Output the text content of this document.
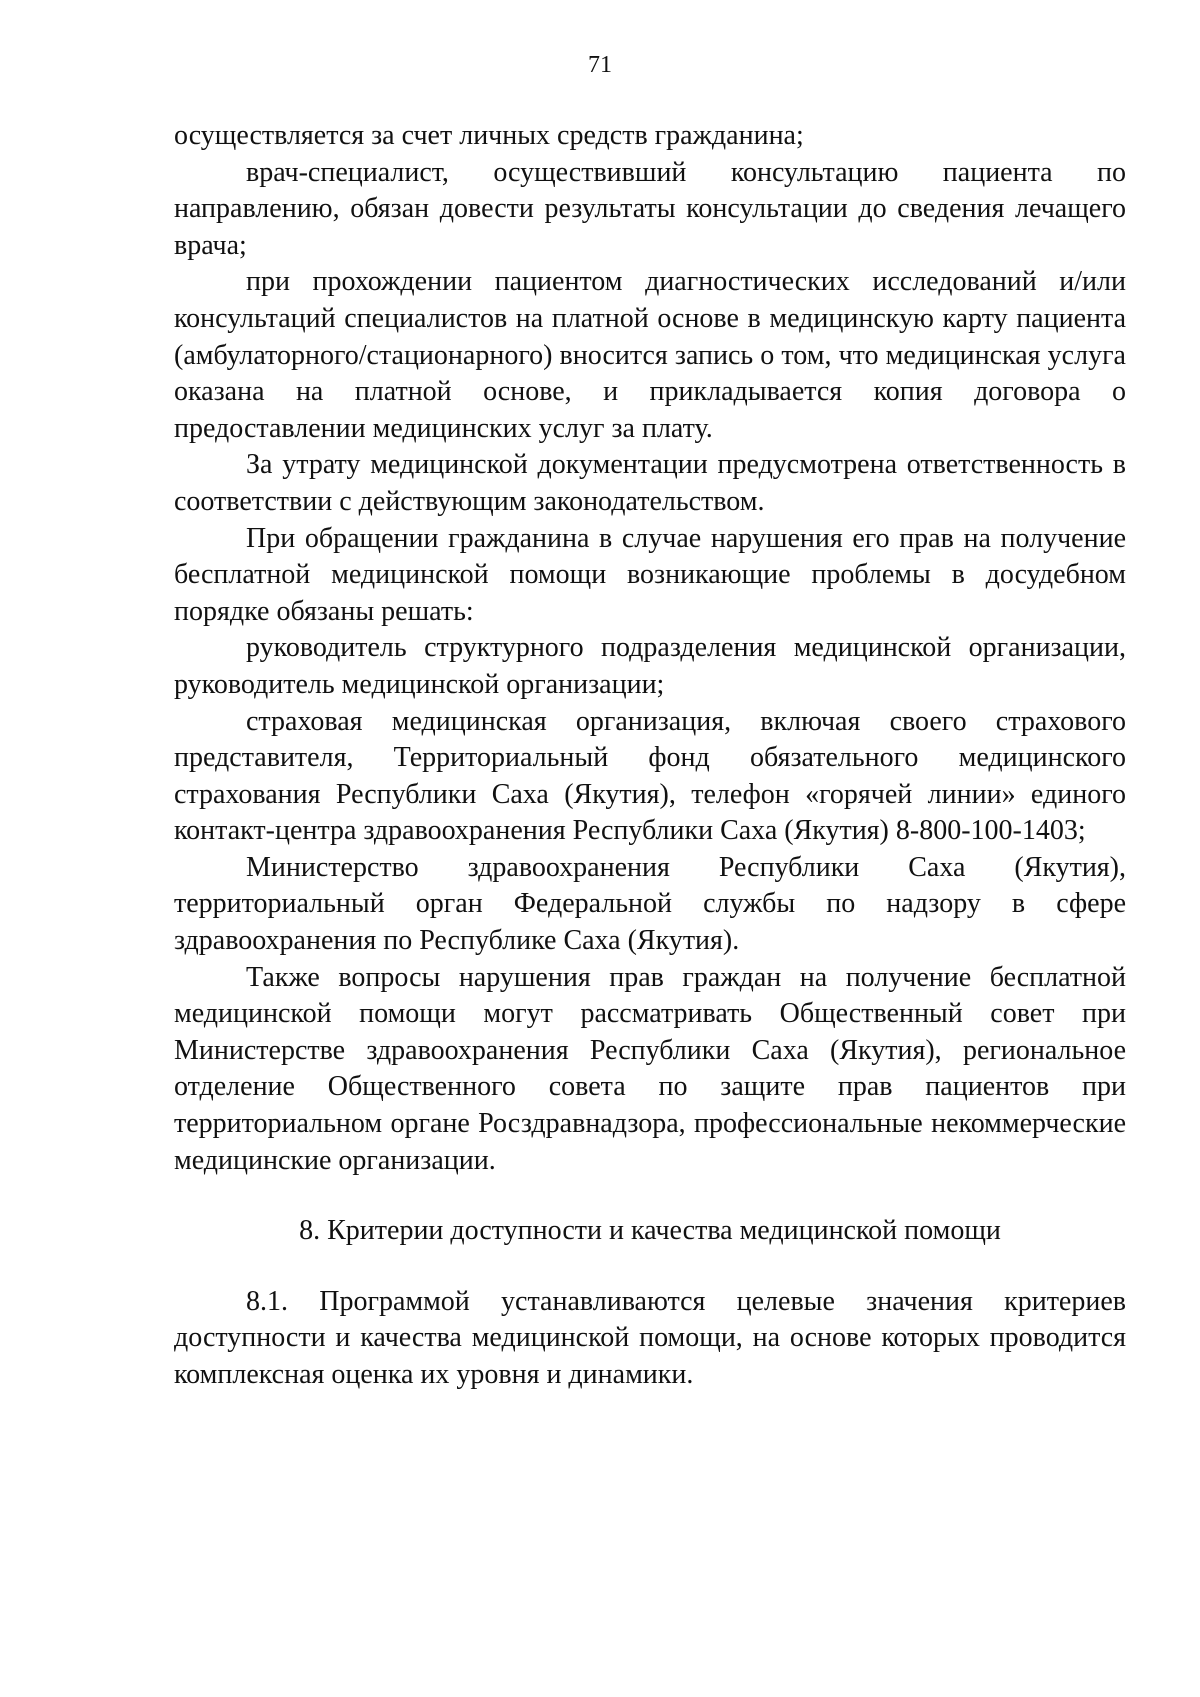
71

осуществляется за счет личных средств гражданина;

врач-специалист, осуществивший консультацию пациента по направлению, обязан довести результаты консультации до сведения лечащего врача;

при прохождении пациентом диагностических исследований и/или консультаций специалистов на платной основе в медицинскую карту пациента (амбулаторного/стационарного) вносится запись о том, что медицинская услуга оказана на платной основе, и прикладывается копия договора о предоставлении медицинских услуг за плату.

За утрату медицинской документации предусмотрена ответственность в соответствии с действующим законодательством.

При обращении гражданина в случае нарушения его прав на получение бесплатной медицинской помощи возникающие проблемы в досудебном порядке обязаны решать:

руководитель структурного подразделения медицинской организации, руководитель медицинской организации;

страховая медицинская организация, включая своего страхового представителя, Территориальный фонд обязательного медицинского страхования Республики Саха (Якутия), телефон «горячей линии» единого контакт-центра здравоохранения Республики Саха (Якутия) 8-800-100-1403;

Министерство здравоохранения Республики Саха (Якутия), территориальный орган Федеральной службы по надзору в сфере здравоохранения по Республике Саха (Якутия).

Также вопросы нарушения прав граждан на получение бесплатной медицинской помощи могут рассматривать Общественный совет при Министерстве здравоохранения Республики Саха (Якутия), региональное отделение Общественного совета по защите прав пациентов при территориальном органе Росздравнадзора, профессиональные некоммерческие медицинские организации.

8. Критерии доступности и качества медицинской помощи

8.1. Программой устанавливаются целевые значения критериев доступности и качества медицинской помощи, на основе которых проводится комплексная оценка их уровня и динамики.
